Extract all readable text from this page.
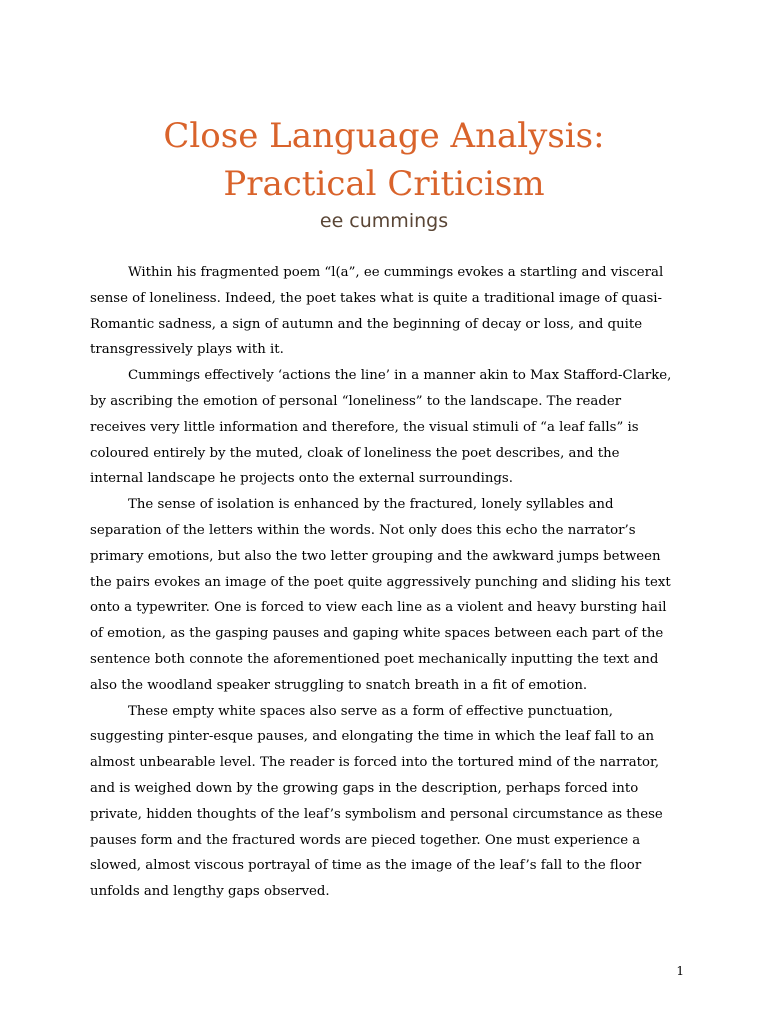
Close Language Analysis:
Practical Criticism

ee cummings

Within his fragmented poem “l(a”, ee cummings evokes a startling and visceral sense of loneliness. Indeed, the poet takes what is quite a traditional image of quasi-Romantic sadness, a sign of autumn and the beginning of decay or loss, and quite transgressively plays with it.

Cummings effectively ‘actions the line’ in a manner akin to Max Stafford-Clarke, by ascribing the emotion of personal “loneliness” to the landscape. The reader receives very little information and therefore, the visual stimuli of “a leaf falls” is coloured entirely by the muted, cloak of loneliness the poet describes, and the internal landscape he projects onto the external surroundings.

The sense of isolation is enhanced by the fractured, lonely syllables and separation of the letters within the words. Not only does this echo the narrator’s primary emotions, but also the two letter grouping and the awkward jumps between the pairs evokes an image of the poet quite aggressively punching and sliding his text onto a typewriter. One is forced to view each line as a violent and heavy bursting hail of emotion, as the gasping pauses and gaping white spaces between each part of the sentence both connote the aforementioned poet mechanically inputting the text and also the woodland speaker struggling to snatch breath in a fit of emotion.

These empty white spaces also serve as a form of effective punctuation, suggesting pinter-esque pauses, and elongating the time in which the leaf fall to an almost unbearable level. The reader is forced into the tortured mind of the narrator, and is weighed down by the growing gaps in the description, perhaps forced into private, hidden thoughts of the leaf’s symbolism and personal circumstance as these pauses form and the fractured words are pieced together. One must experience a slowed, almost viscous portrayal of time as the image of the leaf’s fall to the floor unfolds and lengthy gaps observed.

1
